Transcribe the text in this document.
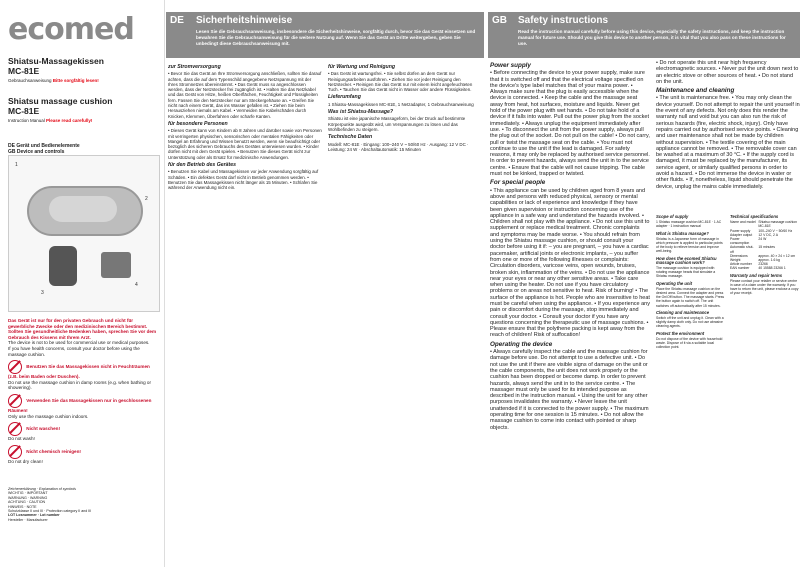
ecomed
Shiatsu-Massagekissen
MC-81E
Gebrauchsanweisung Bitte sorgfältig lesen!
Shiatsu massage cushion
MC-81E
Instruction Manual Please read carefully!
DE Gerät und Bedienelemente
GB Device and controls
1
2
3
4
Das Gerät ist nur für den privaten Gebrauch und nicht für gewerbliche Zwecke oder den medizinischen Bereich bestimmt.
Sollten Sie gesundheitliche Bedenken haben, sprechen Sie vor dem Gebrauch des Kissens mit Ihrem Arzt.
The device is not to be used for commercial use or medical purposes.
If you have health concerns, consult your doctor before using the massage cushion.
Benutzen Sie das Massagekissen nicht in Feuchträumen (z.B. beim Baden oder Duschen).
Do not use the massage cushion in damp rooms (e.g. when bathing or showering).
Verwenden Sie das Massagekissen nur in geschlossenen Räumen!
Only use the massage cushion indoors.
Nicht waschen!
Do not wash!
Nicht chemisch reinigen!
Do not dry clean!
Zeichenerklärung · Explanation of symbols
WICHTIG · IMPORTANT
WARNUNG · WARNING
ACHTUNG · CAUTION
HINWEIS · NOTE
Schutzklasse II und III · Protection category II and III
LOT Losnummer · Lot number
Hersteller · Manufacturer
DE Sicherheitshinweise
Lesen Sie die Gebrauchsanweisung, insbesondere die Sicherheitshinweise, sorgfältig durch, bevor Sie das Gerät einsetzen und bewahren Sie die Gebrauchsanweisung für die weitere Nutzung auf. Wenn Sie das Gerät an Dritte weitergeben, geben Sie unbedingt diese Gebrauchsanweisung mit.
zur Stromversorgung

• Bevor Sie das Gerät an Ihre Stromversorgung anschließen, sollten Sie darauf achten, dass die auf dem Typenschild angegebene Netzspannung mit der Ihres Stromnetzes übereinstimmt. • Das Gerät muss so angeschlossen werden, dass der Netzstecker frei zugänglich ist. • Halten Sie das Netzkabel und das Gerät von Hitze, heißen Oberflächen, Feuchtigkeit und Flüssigkeiten fern. Fassen Sie den Netzstecker nur am Steckergehäuse an. • Greifen Sie nicht nach einem Gerät, das ins Wasser gefallen ist. • Ziehen Sie beim Herausziehen niemals am Kabel. • Vermeiden Sie Kabelschäden durch Knicken, Klemmen, Überfahren oder scharfe Kanten.

für besondere Personen

• Dieses Gerät kann von Kindern ab 8 Jahren und darüber sowie von Personen mit verringerten physischen, sensorischen oder mentalen Fähigkeiten oder Mangel an Erfahrung und Wissen benutzt werden, wenn sie beaufsichtigt oder bezüglich des sicheren Gebrauchs des Gerätes unterwiesen wurden. • Kinder dürfen nicht mit dem Gerät spielen. • Benutzen Sie dieses Gerät nicht zur Unterstützung oder als Ersatz für medizinische Anwendungen.

für den Betrieb des Gerätes

• Benutzen Sie Kabel und Massagekissen vor jeder Anwendung sorgfältig auf Schäden. • Ein defektes Gerät darf nicht in Betrieb genommen werden. • Benutzen Sie das Massagekissen nicht länger als 15 Minuten. • Schlafen Sie während der Anwendung nicht ein.

für Wartung und Reinigung

• Das Gerät ist wartungsfrei. • Sie selbst dürfen an dem Gerät nur Reinigungsarbeiten ausführen. • Ziehen Sie vor jeder Reinigung den Netzstecker. • Reinigen Sie das Gerät nur mit einem leicht angefeuchteten Tuch. • Tauchen Sie das Gerät nicht in Wasser oder andere Flüssigkeiten.

Lieferumfang

1 Shiatsu-Massagekissen MC-81E, 1 Netzadapter, 1 Gebrauchsanweisung

Was ist Shiatsu-Massage?

Shiatsu ist eine japanische Massageform, bei der Druck auf bestimmte Körperpunkte ausgeübt wird, um Verspannungen zu lösen und das Wohlbefinden zu steigern.

Technische Daten

Modell: MC-81E · Eingang: 100–240 V ~ 50/60 Hz · Ausgang: 12 V DC · Leistung: 24 W · Abschaltautomatik: 15 Minuten

GB Safety instructions
Read the instruction manual carefully before using this device, especially the safety instructions, and keep the instruction manual for future use. Should you give this device to another person, it is vital that you also pass on these instructions for use.
Power supply

• Before connecting the device to your power supply, make sure that it is switched off and that the electrical voltage specified on the device's type label matches that of your mains power. • Always make sure that the plug is easily accessible when the device is connected. • Keep the cable and the massage seat away from heat, hot surfaces, moisture and liquids. Never get hold of the power plug with wet hands. • Do not take hold of a device if it falls into water. Pull out the power plug from the socket immediately. • Always unplug the equipment immediately after use. • To disconnect the unit from the power supply, always pull the plug out of the socket. Do not pull on the cable! • Do not carry, pull or twist the massage seat on the cable. • You must not continue to use the unit if the lead is damaged. For safety reasons, it may only be replaced by authorised service personnel. In order to prevent hazards, always send the unit in to the service centre. • Ensure that the cable will not cause tripping. The cable must not be kinked, trapped or twisted.

For special people

• This appliance can be used by children aged from 8 years and above and persons with reduced physical, sensory or mental capabilities or lack of experience and knowledge if they have been given supervision or instruction concerning use of the appliance in a safe way and understand the hazards involved. • Children shall not play with the appliance. • Do not use this unit to supplement or replace medical treatment. Chronic complaints and symptoms may be made worse. • You should refrain from using the Shiatsu massage cushion, or should consult your doctor before using it if: – you are pregnant, – you have a cardiac pacemaker, artificial joints or electronic implants, – you suffer from one or more of the following illnesses or complaints: Circulation disorders, varicose veins, open wounds, bruises, broken skin, inflammation of the veins. • Do not use the appliance near your eyes or near any other sensitive areas. • Take care when using the heater. Do not use if you have circulatory problems or on areas not sensitive to heat. Risk of burning! • The surface of the appliance is hot. People who are insensitive to heat must be careful when using the appliance. • If you experience any pain or discomfort during the massage, stop immediately and consult your doctor. • Consult your doctor if you have any questions concerning the therapeutic use of massage cushions. • Please ensure that the polythene packing is kept away from the reach of children! Risk of suffocation!

Operating the device

• Always carefully inspect the cable and the massage cushion for damage before use. Do not attempt to use a defective unit. • Do not use the unit if there are visible signs of damage on the unit or the cable components, the unit does not work properly or the cushion has been dropped or become damp. In order to prevent hazards, always send the unit in to the service centre. • The massager must only be used for its intended purpose as described in the instruction manual. • Using the unit for any other purposes invalidates the warranty. • Never leave the unit unattended if it is connected to the power supply. • The maximum operating time for one session is 15 minutes. • Do not allow the massage cushion to come into contact with pointed or sharp objects.

• Do not operate this unit near high frequency electromagnetic sources. • Never put the unit down next to an electric stove or other sources of heat. • Do not stand on the unit.

Maintenance and cleaning

• The unit is maintenance free. • You may only clean the device yourself. Do not attempt to repair the unit yourself in the event of any defects. Not only does this render the warranty null and void but you can also run the risk of serious hazards (fire, electric shock, injury). Only have repairs carried out by authorised service points. • Cleaning and user maintenance shall not be made by children without supervision. • The textile covering of the main appliance cannot be removed. • The removable cover can be washed at a maximum of 30 °C. • If the supply cord is damaged, it must be replaced by the manufacturer, its service agent, or similarly qualified persons in order to avoid a hazard. • Do not immerse the device in water or other fluids. • If, nonetheless, liquid should penetrate the device, unplug the mains cable immediately.

Scope of supply

1 Shiatsu massage cushion MC-81E · 1 AC adapter · 1 instruction manual

What is Shiatsu massage?

Shiatsu is a Japanese form of massage in which pressure is applied to particular points of the body to relieve tension and improve well-being.

How does the ecomed Shiatsu massage cushion work?

The massage cushion is equipped with rotating massage heads that simulate a Shiatsu massage.

Operating the unit

Place the Shiatsu massage cushion on the desired area. Connect the adapter and press the On/Off button. The massage starts. Press the button again to switch off. The unit switches off automatically after 15 minutes.

Cleaning and maintenance

Switch off the unit and unplug it. Clean with a slightly damp cloth only. Do not use abrasive cleaning agents.

Protect the environment

Do not dispose of the device with household waste. Dispose of it via a suitable local collection point.

Technical specifications
Name and model	Shiatsu massage cushion MC-81E
Power supply	100–240 V ~ 50/60 Hz
Adapter output	12 V DC, 2 A
Power consumption	24 W
Automatic shut-off	15 minutes
Dimensions	approx. 40 × 24 × 12 cm
Weight	approx. 1.6 kg
Article number	23266
EAN number	40 15588 23266 1
Warranty and repair terms

Please contact your retailer or service centre in case of a claim under the warranty. If you have to return the unit, please enclose a copy of your receipt.
